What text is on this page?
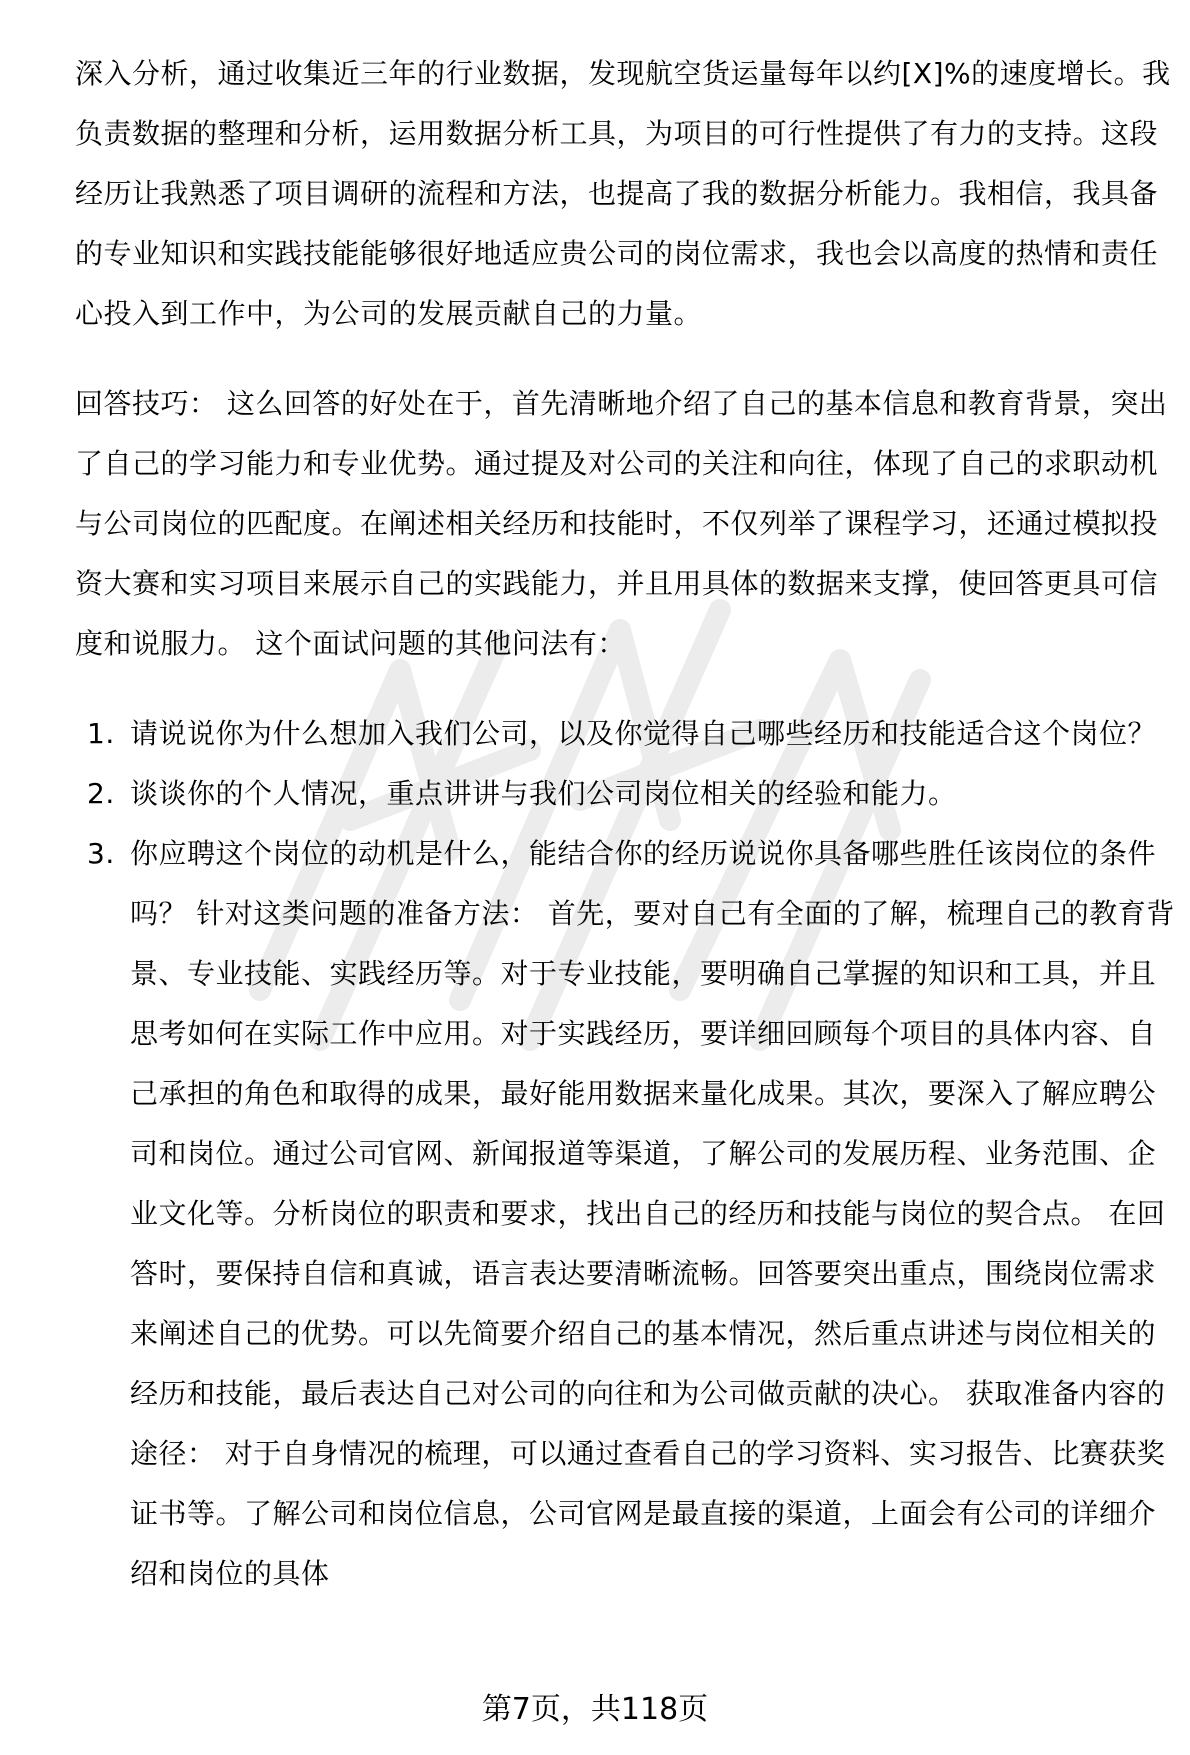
深入分析，通过收集近三年的行业数据，发现航空货运量每年以约[X]%的速度增长。我负责数据的整理和分析，运用数据分析工具，为项目的可行性提供了有力的支持。这段经历让我熟悉了项目调研的流程和方法，也提高了我的数据分析能力。我相信，我具备的专业知识和实践技能能够很好地适应贵公司的岗位需求，我也会以高度的热情和责任心投入到工作中，为公司的发展贡献自己的力量。

回答技巧： 这么回答的好处在于，首先清晰地介绍了自己的基本信息和教育背景，突出了自己的学习能力和专业优势。通过提及对公司的关注和向往，体现了自己的求职动机与公司岗位的匹配度。在阐述相关经历和技能时，不仅列举了课程学习，还通过模拟投资大赛和实习项目来展示自己的实践能力，并且用具体的数据来支撑，使回答更具可信度和说服力。 这个面试问题的其他问法有：

1. 请说说你为什么想加入我们公司，以及你觉得自己哪些经历和技能适合这个岗位？
2. 谈谈你的个人情况，重点讲讲与我们公司岗位相关的经验和能力。
3. 你应聘这个岗位的动机是什么，能结合你的经历说说你具备哪些胜任该岗位的条件吗？ 针对这类问题的准备方法： 首先，要对自己有全面的了解，梳理自己的教育背景、专业技能、实践经历等。对于专业技能，要明确自己掌握的知识和工具，并且思考如何在实际工作中应用。对于实践经历，要详细回顾每个项目的具体内容、自己承担的角色和取得的成果，最好能用数据来量化成果。其次，要深入了解应聘公司和岗位。通过公司官网、新闻报道等渠道，了解公司的发展历程、业务范围、企业文化等。分析岗位的职责和要求，找出自己的经历和技能与岗位的契合点。 在回答时，要保持自信和真诚，语言表达要清晰流畅。回答要突出重点，围绕岗位需求来阐述自己的优势。可以先简要介绍自己的基本情况，然后重点讲述与岗位相关的经历和技能，最后表达自己对公司的向往和为公司做贡献的决心。 获取准备内容的途径： 对于自身情况的梳理，可以通过查看自己的学习资料、实习报告、比赛获奖证书等。了解公司和岗位信息，公司官网是最直接的渠道，上面会有公司的详细介绍和岗位的具体
第7页，共118页
